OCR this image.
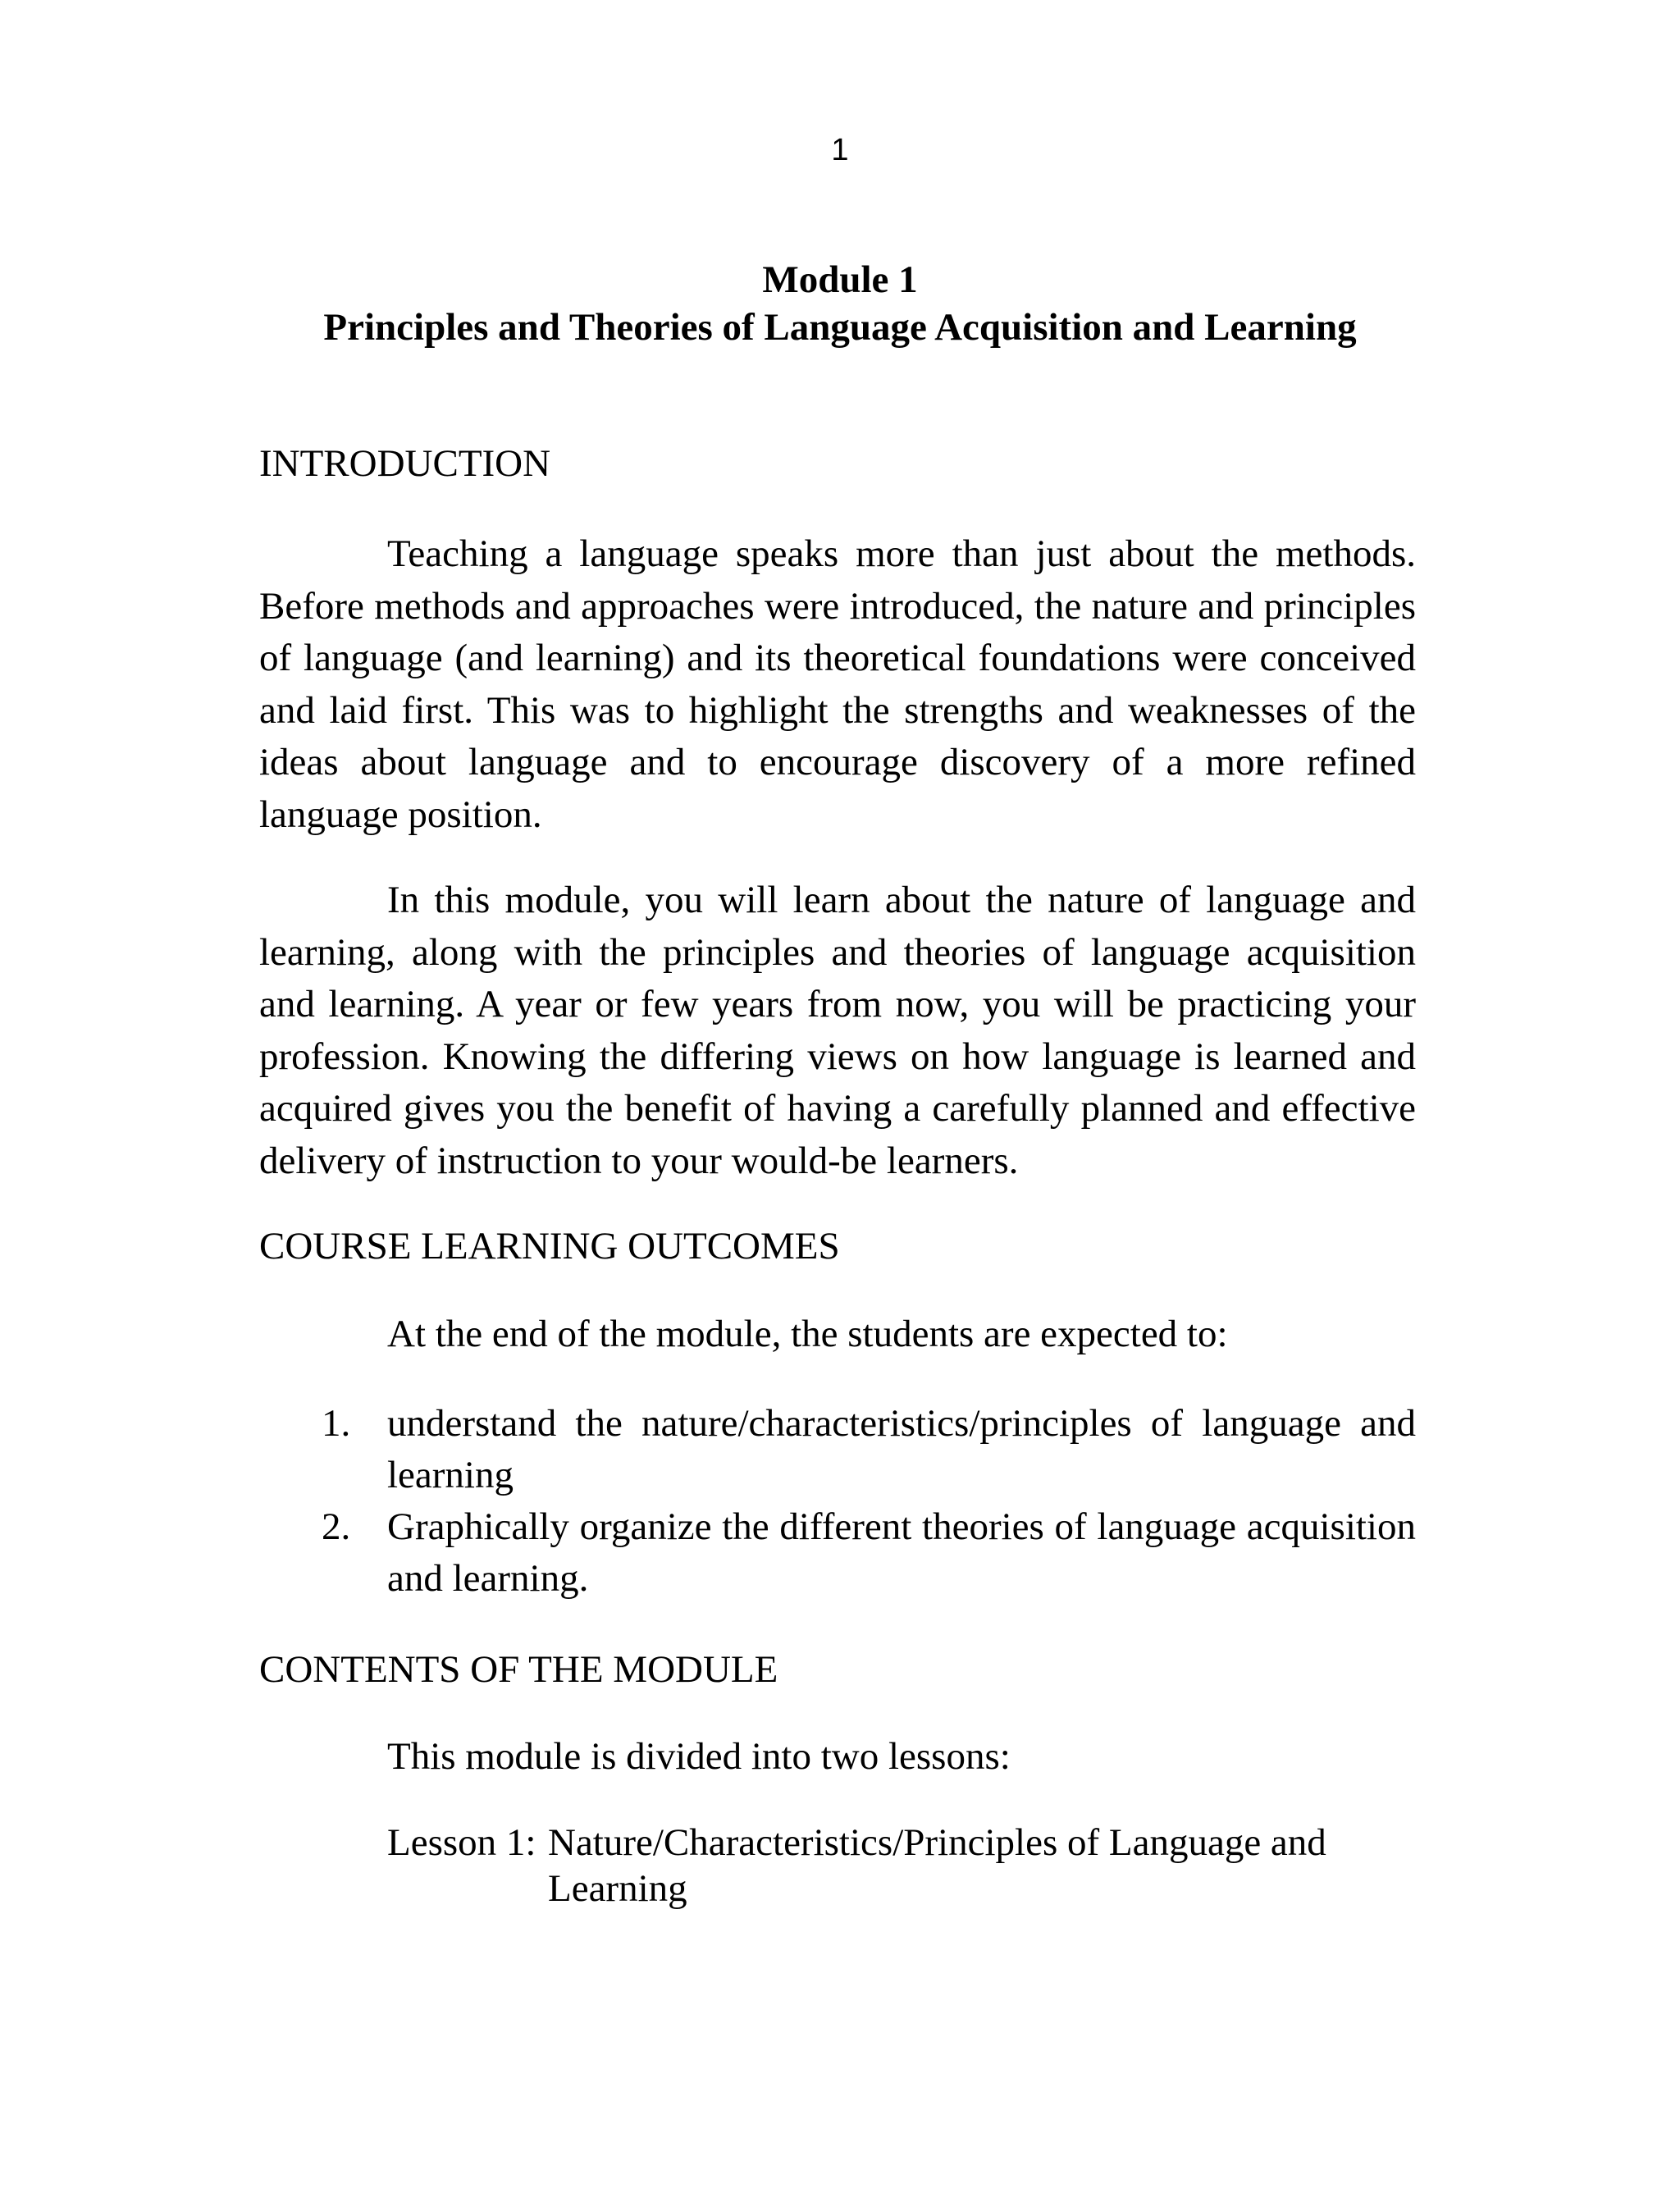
1
Module 1
Principles and Theories of Language Acquisition and Learning
INTRODUCTION
Teaching a language speaks more than just about the methods. Before methods and approaches were introduced, the nature and principles of language (and learning) and its theoretical foundations were conceived and laid first. This was to highlight the strengths and weaknesses of the ideas about language and to encourage discovery of a more refined language position.
In this module, you will learn about the nature of language and learning, along with the principles and theories of language acquisition and learning. A year or few years from now, you will be practicing your profession. Knowing the differing views on how language is learned and acquired gives you the benefit of having a carefully planned and effective delivery of instruction to your would-be learners.
COURSE LEARNING OUTCOMES
At the end of the module, the students are expected to:
1. understand the nature/characteristics/principles of language and learning
2. Graphically organize the different theories of language acquisition and learning.
CONTENTS OF THE MODULE
This module is divided into two lessons:
Lesson 1: Nature/Characteristics/Principles of Language and Learning
